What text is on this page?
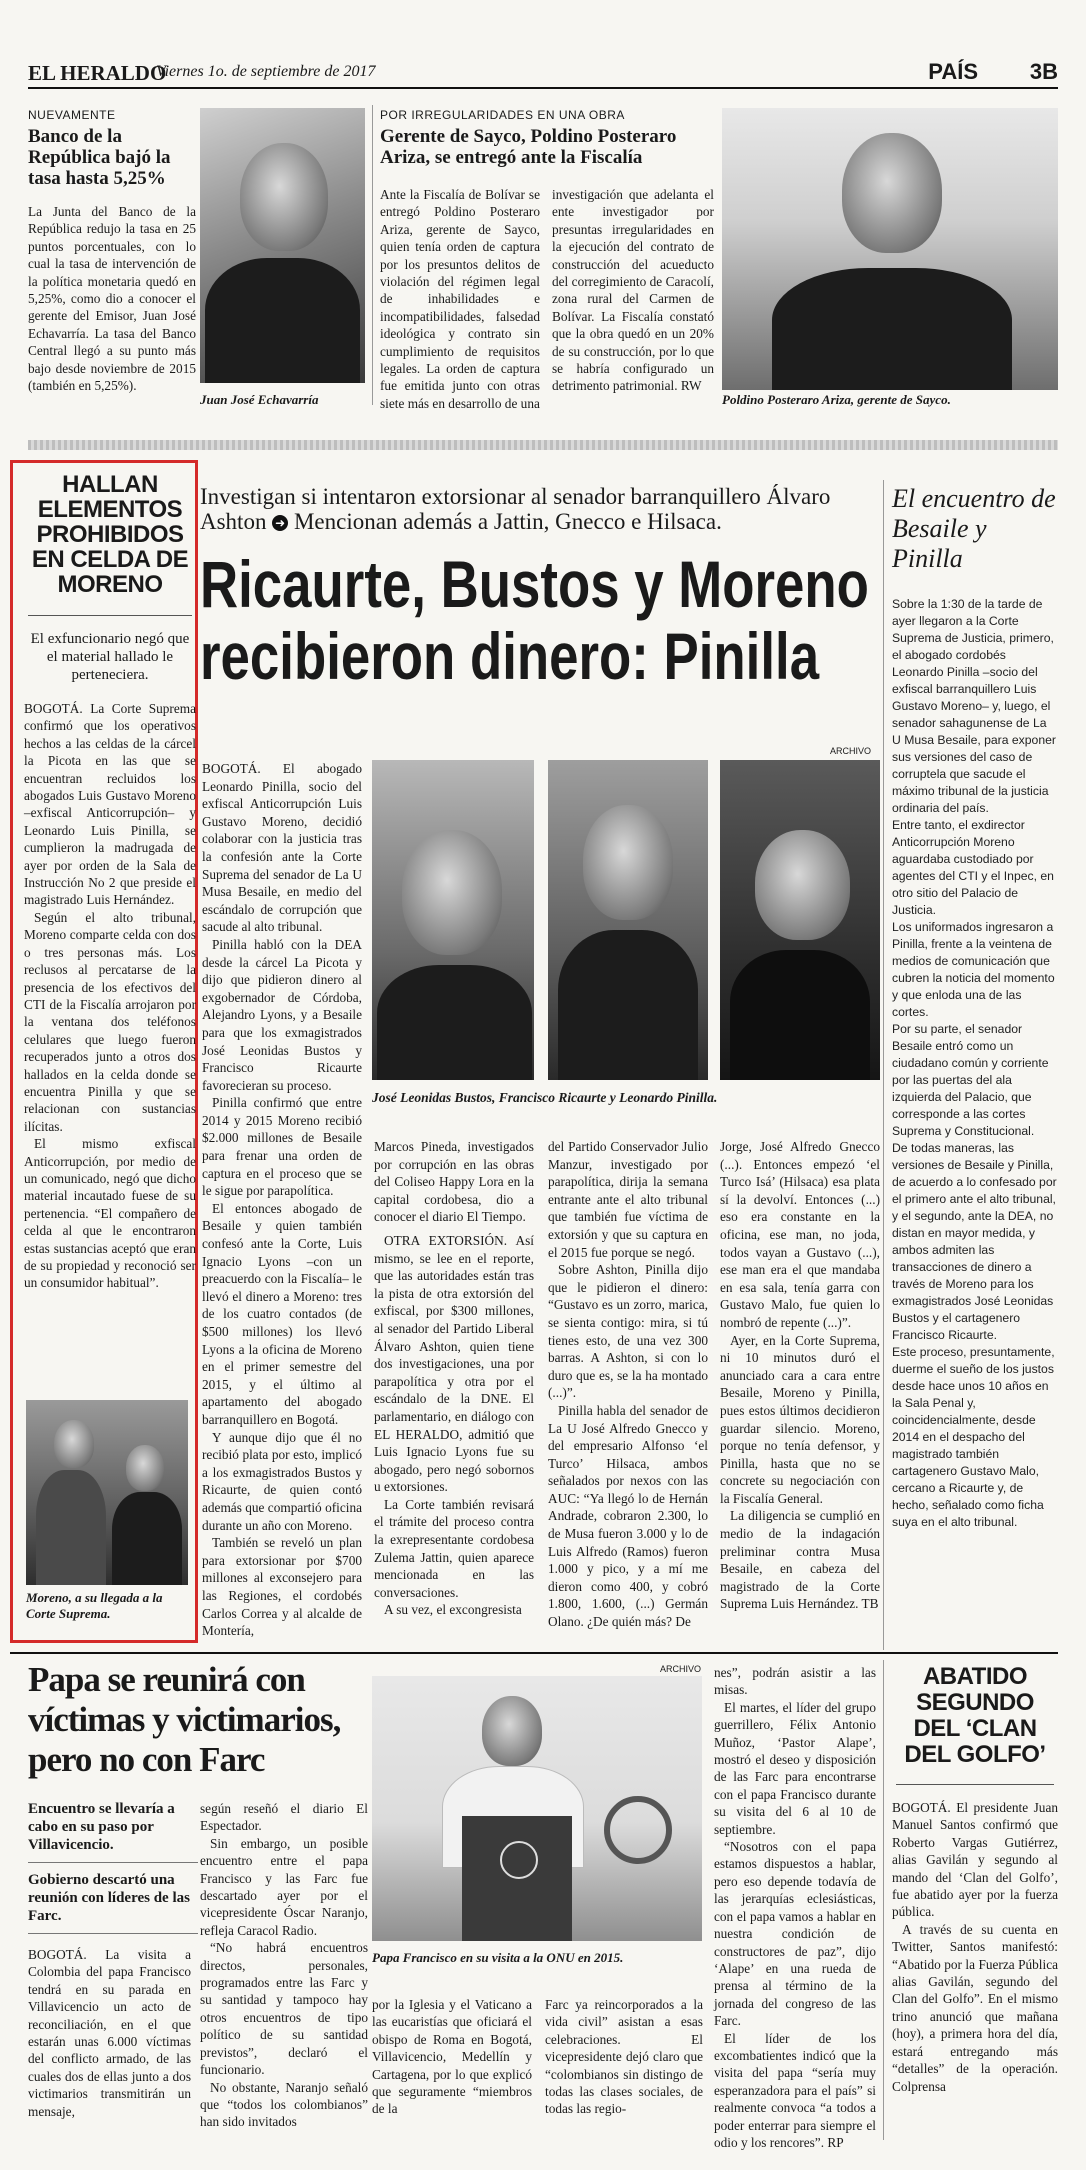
EL HERALDO
Viernes 1o. de septiembre de 2017	PAÍS 3B
NUEVAMENTE
Banco de la República bajó la tasa hasta 5,25%
La Junta del Banco de la República redujo la tasa en 25 puntos porcentuales, con lo cual la tasa de intervención de la política monetaria quedó en 5,25%, como dio a conocer el gerente del Emisor, Juan José Echavarría. La tasa del Banco Central llegó a su punto más bajo desde noviembre de 2015 (también en 5,25%).
Juan José Echavarría
POR IRREGULARIDADES EN UNA OBRA
Gerente de Sayco, Poldino Posteraro Ariza, se entregó ante la Fiscalía
Ante la Fiscalía de Bolívar se entregó Poldino Posteraro Ariza, gerente de Sayco, quien tenía orden de captura por los presuntos delitos de violación del régimen legal de inhabilidades e incompatibilidades, falsedad ideológica y contrato sin cumplimiento de requisitos legales. La orden de captura fue emitida junto con otras siete más en desarrollo de una
investigación que adelanta el ente investigador por presuntas irregularidades en la ejecución del contrato de construcción del acueducto del corregimiento de Caracolí, zona rural del Carmen de Bolívar. La Fiscalía constató que la obra quedó en un 20% de su construcción, por lo que se habría configurado un detrimento patrimonial. RW
Poldino Posteraro Ariza, gerente de Sayco.
HALLAN ELEMENTOS PROHIBIDOS EN CELDA DE MORENO
El exfuncionario negó que el material hallado le perteneciera.
BOGOTÁ. La Corte Suprema confirmó que los operativos hechos a las celdas de la cárcel la Picota en las que se encuentran recluidos los abogados Luis Gustavo Moreno –exfiscal Anticorrupción– y Leonardo Luis Pinilla, se cumplieron la madrugada de ayer por orden de la Sala de Instrucción No 2 que preside el magistrado Luis Hernández.
Según el alto tribunal, Moreno comparte celda con dos o tres personas más. Los reclusos al percatarse de la presencia de los efectivos del CTI de la Fiscalía arrojaron por la ventana dos teléfonos celulares que luego fueron recuperados junto a otros dos hallados en la celda donde se encuentra Pinilla y que se relacionan con sustancias ilícitas.
El mismo exfiscal Anticorrupción, por medio de un comunicado, negó que dicho material incautado fuese de su pertenencia. “El compañero de celda al que le encontraron estas sustancias aceptó que eran de su propiedad y reconoció ser un consumidor habitual”.
Moreno, a su llegada a la Corte Suprema.
Investigan si intentaron extorsionar al senador barranquillero Álvaro Ashton ➜ Mencionan además a Jattin, Gnecco e Hilsaca.
Ricaurte, Bustos y Moreno
recibieron dinero: Pinilla

BOGOTÁ. El abogado Leonardo Pinilla, socio del exfiscal Anticorrupción Luis Gustavo Moreno, decidió colaborar con la justicia tras la confesión ante la Corte Suprema del senador de La U Musa Besaile, en medio del escándalo de corrupción que sacude al alto tribunal.

Pinilla habló con la DEA desde la cárcel La Picota y dijo que pidieron dinero al exgobernador de Córdoba, Alejandro Lyons, y a Besaile para que los exmagistrados José Leonidas Bustos y Francisco Ricaurte favorecieran su proceso.

Pinilla confirmó que entre 2014 y 2015 Moreno recibió $2.000 millones de Besaile para frenar una orden de captura en el proceso que se le sigue por parapolítica.

El entonces abogado de Besaile y quien también confesó ante la Corte, Luis Ignacio Lyons –con un preacuerdo con la Fiscalía– le llevó el dinero a Moreno: tres de los cuatro contados (de $500 millones) los llevó Lyons a la oficina de Moreno en el primer semestre del 2015, y el último al apartamento del abogado barranquillero en Bogotá.

Y aunque dijo que él no recibió plata por esto, implicó a los exmagistrados Bustos y Ricaurte, de quien contó además que compartió oficina durante un año con Moreno.

También se reveló un plan para extorsionar por $700 millones al exconsejero para las Regiones, el cordobés Carlos Correa y al alcalde de Montería,

ARCHIVO
José Leonidas Bustos, Francisco Ricaurte y Leonardo Pinilla.

Marcos Pineda, investigados por corrupción en las obras del Coliseo Happy Lora en la capital cordobesa, dio a conocer el diario El Tiempo.

OTRA EXTORSIÓN. Así mismo, se lee en el reporte, que las autoridades están tras la pista de otra extorsión del exfiscal, por $300 millones, al senador del Partido Liberal Álvaro Ashton, quien tiene dos investigaciones, una por parapolítica y otra por el escándalo de la DNE. El parlamentario, en diálogo con EL HERALDO, admitió que Luis Ignacio Lyons fue su abogado, pero negó sobornos u extorsiones.

La Corte también revisará el trámite del proceso contra la exrepresentante cordobesa Zulema Jattin, quien aparece mencionada en las conversaciones.

A su vez, el excongresista

del Partido Conservador Julio Manzur, investigado por parapolítica, dirija la semana entrante ante el alto tribunal que también fue víctima de extorsión y que su captura en el 2015 fue porque se negó.

Sobre Ashton, Pinilla dijo que le pidieron el dinero: “Gustavo es un zorro, marica, se sienta contigo: mira, si tú tienes esto, de una vez 300 barras. A Ashton, si con lo duro que es, se la ha montado (...)”.

Pinilla habla del senador de La U José Alfredo Gnecco y del empresario Alfonso ‘el Turco’ Hilsaca, ambos señalados por nexos con las AUC: “Ya llegó lo de Hernán Andrade, cobraron 2.300, lo de Musa fueron 3.000 y lo de Luis Alfredo (Ramos) fueron 1.000 y pico, y a mí me dieron como 400, y cobró 1.800, 1.600, (...) Germán Olano. ¿De quién más? De

Jorge, José Alfredo Gnecco (...). Entonces empezó ‘el Turco Isá’ (Hilsaca) esa plata sí la devolví. Entonces (...) eso era constante en la oficina, ese man, no joda, todos vayan a Gustavo (...), ese man era el que mandaba en esa sala, tenía garra con Gustavo Malo, fue quien lo nombró de repente (...)”.

Ayer, en la Corte Suprema, ni 10 minutos duró el anunciado cara a cara entre Besaile, Moreno y Pinilla, pues estos últimos decidieron guardar silencio. Moreno, porque no tenía defensor, y Pinilla, hasta que no se concrete su negociación con la Fiscalía General.

La diligencia se cumplió en medio de la indagación preliminar contra Musa Besaile, en cabeza del magistrado de la Corte Suprema Luis Hernández. TB

El encuentro de Besaile y Pinilla
Sobre la 1:30 de la tarde de ayer llegaron a la Corte Suprema de Justicia, primero, el abogado cordobés Leonardo Pinilla –socio del exfiscal barranquillero Luis Gustavo Moreno– y, luego, el senador sahagunense de La U Musa Besaile, para exponer sus versiones del caso de corruptela que sacude el máximo tribunal de la justicia ordinaria del país.
Entre tanto, el exdirector Anticorrupción Moreno aguardaba custodiado por agentes del CTI y el Inpec, en otro sitio del Palacio de Justicia.
Los uniformados ingresaron a Pinilla, frente a la veintena de medios de comunicación que cubren la noticia del momento y que enloda una de las cortes.
Por su parte, el senador Besaile entró como un ciudadano común y corriente por las puertas del ala izquierda del Palacio, que corresponde a las cortes Suprema y Constitucional.
De todas maneras, las versiones de Besaile y Pinilla, de acuerdo a lo confesado por el primero ante el alto tribunal, y el segundo, ante la DEA, no distan en mayor medida, y ambos admiten las transacciones de dinero a través de Moreno para los exmagistrados José Leonidas Bustos y el cartagenero Francisco Ricaurte.
Este proceso, presuntamente, duerme el sueño de los justos desde hace unos 10 años en la Sala Penal y, coincidencialmente, desde 2014 en el despacho del magistrado también cartagenero Gustavo Malo, cercano a Ricaurte y, de hecho, señalado como ficha suya en el alto tribunal.
Papa se reunirá con víctimas y victimarios, pero no con Farc
Encuentro se llevaría a cabo en su paso por Villavicencio.
Gobierno descartó una reunión con líderes de las Farc.
BOGOTÁ. La visita a Colombia del papa Francisco tendrá en su parada en Villavicencio un acto de reconciliación, en el que estarán unas 6.000 víctimas del conflicto armado, de las cuales dos de ellas junto a dos victimarios transmitirán un mensaje,

según reseñó el diario El Espectador.

Sin embargo, un posible encuentro entre el papa Francisco y las Farc fue descartado ayer por el vicepresidente Óscar Naranjo, refleja Caracol Radio.

“No habrá encuentros directos, personales, programados entre las Farc y su santidad y tampoco hay otros encuentros de tipo político de su santidad previstos”, declaró el funcionario.

No obstante, Naranjo señaló que “todos los colombianos” han sido invitados

ARCHIVO
Papa Francisco en su visita a la ONU en 2015.
por la Iglesia y el Vaticano a las eucaristías que oficiará el obispo de Roma en Bogotá, Villavicencio, Medellín y Cartagena, por lo que explicó que seguramente “miembros de la
Farc ya reincorporados a la vida civil” asistan a esas celebraciones. El vicepresidente dejó claro que “colombianos sin distingo de todas las clases sociales, de todas las regio-

nes”, podrán asistir a las misas.

El martes, el líder del grupo guerrillero, Félix Antonio Muñoz, ‘Pastor Alape’, mostró el deseo y disposición de las Farc para encontrarse con el papa Francisco durante su visita del 6 al 10 de septiembre.

“Nosotros con el papa estamos dispuestos a hablar, pero eso depende todavía de las jerarquías eclesiásticas, con el papa vamos a hablar en nuestra condición de constructores de paz”, dijo ‘Alape’ en una rueda de prensa al término de la jornada del congreso de las Farc.

El líder de los excombatientes indicó que la visita del papa “sería muy esperanzadora para el país” si realmente convoca “a todos a poder enterrar para siempre el odio y los rencores”. RP

ABATIDO SEGUNDO DEL ‘CLAN DEL GOLFO’

BOGOTÁ. El presidente Juan Manuel Santos confirmó que Roberto Vargas Gutiérrez, alias Gavilán y segundo al mando del ‘Clan del Golfo’, fue abatido ayer por la fuerza pública.

A través de su cuenta en Twitter, Santos manifestó: “Abatido por la Fuerza Pública alias Gavilán, segundo del Clan del Golfo”. En el mismo trino anunció que mañana (hoy), a primera hora del día, estará entregando más “detalles” de la operación. Colprensa
